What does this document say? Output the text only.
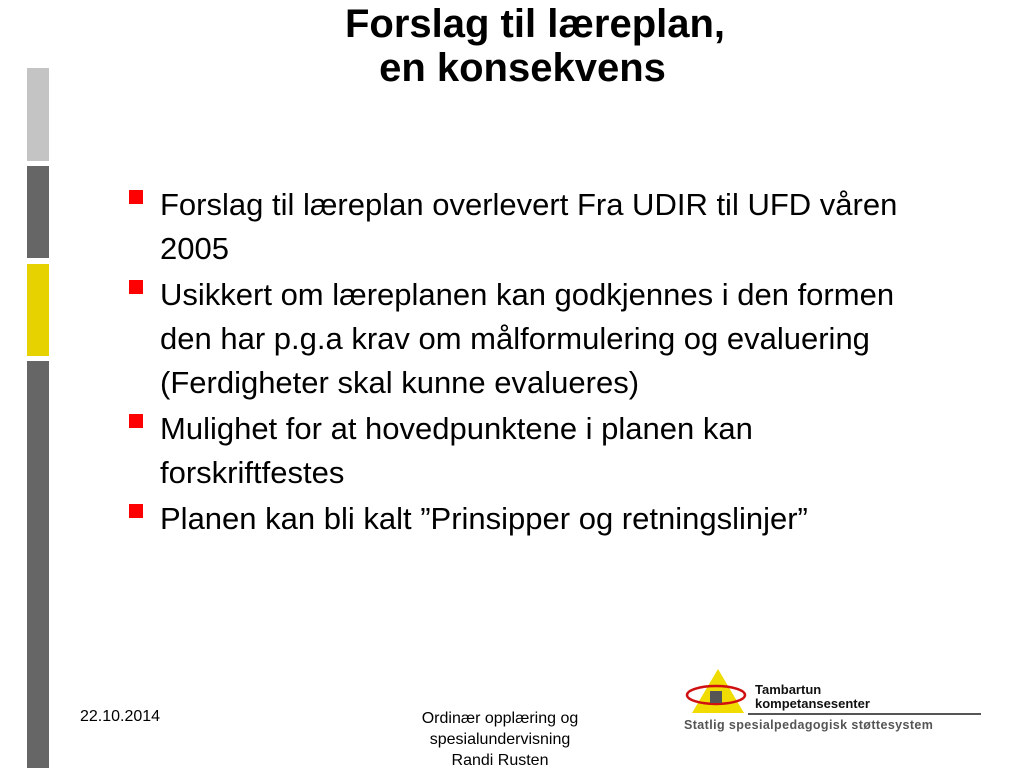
Forslag til læreplan,

en konsekvens
Forslag til læreplan overlevert Fra UDIR til UFD våren 2005
Usikkert om læreplanen kan godkjennes i den formen den har p.g.a krav om målformulering og evaluering (Ferdigheter skal kunne evalueres)
Mulighet for at hovedpunktene i planen kan forskriftfestes
Planen kan bli kalt ”Prinsipper og retningslinjer”
22.10.2014	Ordinær opplæring og
spesialundervisning
Randi Rusten
Tambartun
kompetansesenter
Statlig spesialpedagogisk støttesystem
